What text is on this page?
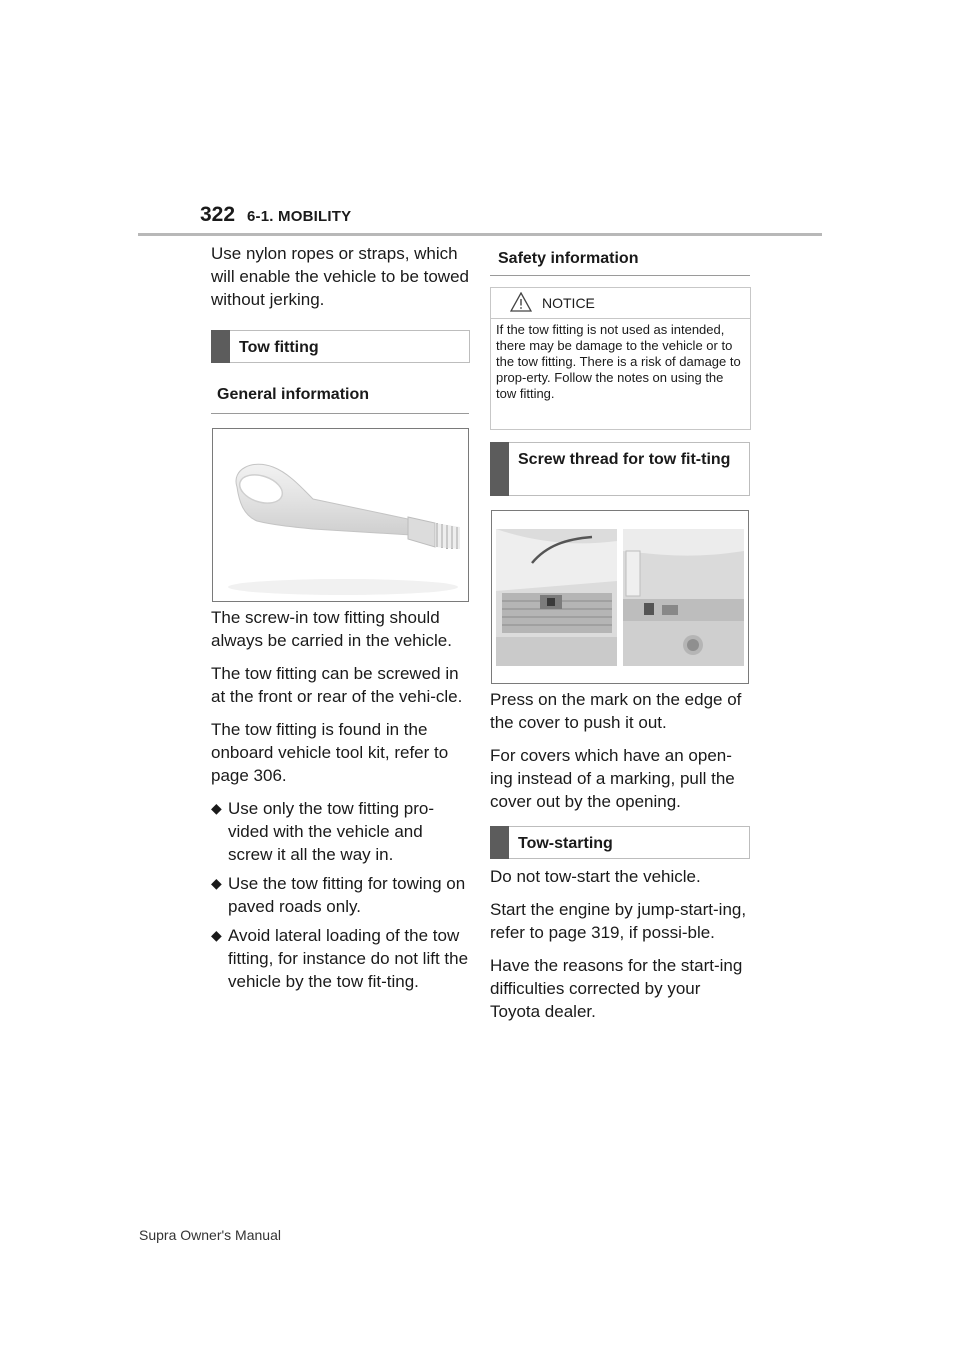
322 6-1. MOBILITY

Use nylon ropes or straps, which will enable the vehicle to be towed without jerking.

Tow fitting
General information

The screw-in tow fitting should always be carried in the vehicle.

The tow fitting can be screwed in at the front or rear of the vehi-cle.

The tow fitting is found in the onboard vehicle tool kit, refer to page 306.

◆ Use only the tow fitting pro-vided with the vehicle and screw it all the way in.
◆ Use the tow fitting for towing on paved roads only.
◆ Avoid lateral loading of the tow fitting, for instance do not lift the vehicle by the tow fit-ting.
Safety information
NOTICE
If the tow fitting is not used as intended, there may be damage to the vehicle or to the tow fitting. There is a risk of damage to prop-erty. Follow the notes on using the tow fitting.
Screw thread for tow fit-ting

Press on the mark on the edge of the cover to push it out.

For covers which have an open-ing instead of a marking, pull the cover out by the opening.

Tow-starting

Do not tow-start the vehicle.

Start the engine by jump-start-ing, refer to page 319, if possi-ble.

Have the reasons for the start-ing difficulties corrected by your Toyota dealer.

Supra Owner's Manual
